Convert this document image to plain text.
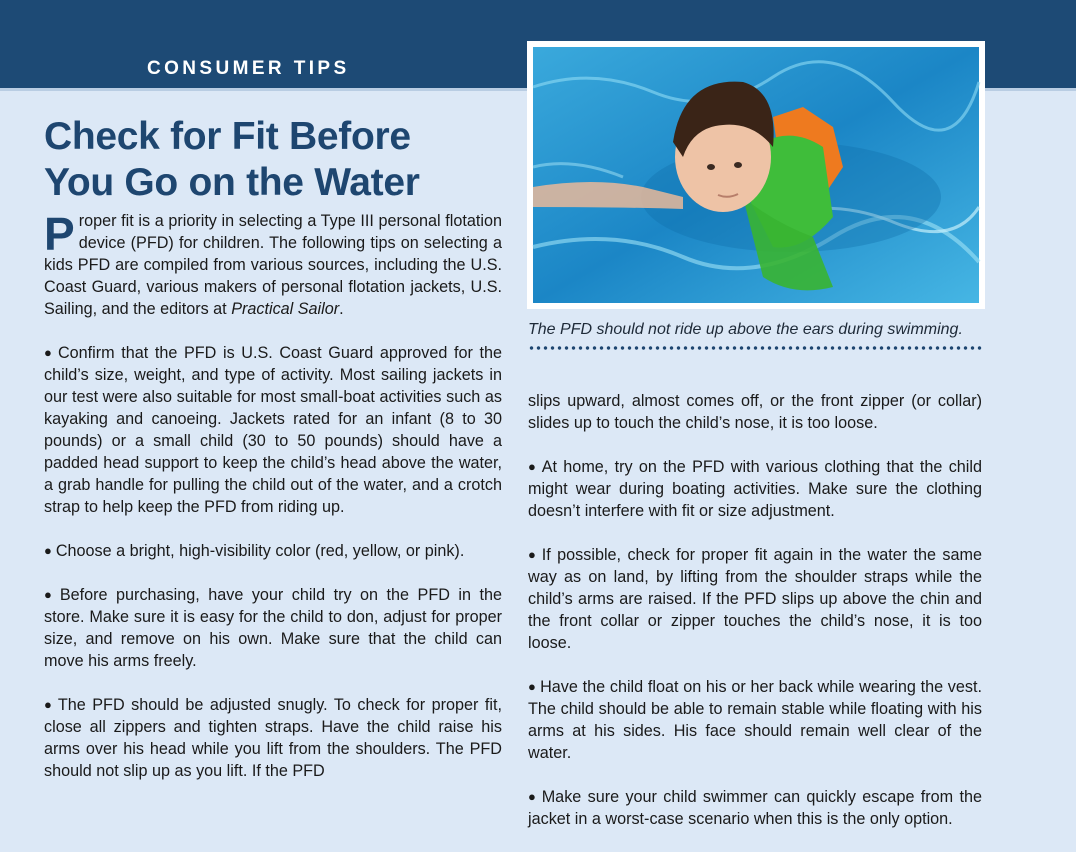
CONSUMER TIPS
Check for Fit Before
You Go on the Water

Proper fit is a priority in selecting a Type III personal flotation device (PFD) for children. The following tips on selecting a kids PFD are compiled from various sources, including the U.S. Coast Guard, various makers of personal flotation jackets, U.S. Sailing, and the editors at Practical Sailor.

● Confirm that the PFD is U.S. Coast Guard approved for the child’s size, weight, and type of activity. Most sailing jackets in our test were also suitable for most small-boat activities such as kayaking and canoeing. Jackets rated for an infant (8 to 30 pounds) or a small child (30 to 50 pounds) should have a padded head support to keep the child’s head above the water, a grab handle for pulling the child out of the water, and a crotch strap to help keep the PFD from riding up.

● Choose a bright, high-visibility color (red, yellow, or pink).

● Before purchasing, have your child try on the PFD in the store. Make sure it is easy for the child to don, adjust for proper size, and remove on his own. Make sure that the child can move his arms freely.

● The PFD should be adjusted snugly. To check for proper fit, close all zippers and tighten straps. Have the child raise his arms over his head while you lift from the shoulders. The PFD should not slip up as you lift. If the PFD

The PFD should not ride up above the ears during swimming.

slips upward, almost comes off, or the front zipper (or collar) slides up to touch the child’s nose, it is too loose.

● At home, try on the PFD with various clothing that the child might wear during boating activities. Make sure the clothing doesn’t interfere with fit or size adjustment.

● If possible, check for proper fit again in the water the same way as on land, by lifting from the shoulder straps while the child’s arms are raised. If the PFD slips up above the chin and the front collar or zipper touches the child’s nose, it is too loose.

● Have the child float on his or her back while wearing the vest. The child should be able to remain stable while floating with his arms at his sides. His face should remain well clear of the water.

● Make sure your child swimmer can quickly escape from the jacket in a worst-case scenario when this is the only option.
